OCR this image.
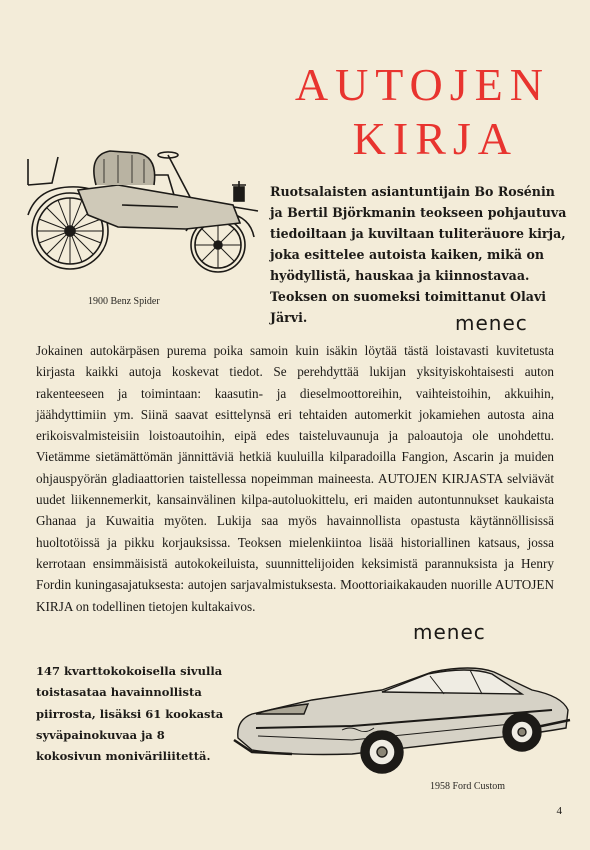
AUTOJEN
KIRJA
1900 Benz Spider

Ruotsalaisten asiantuntijain Bo Rosénin ja Bertil Björkmanin teokseen pohjautuva tiedoiltaan ja kuviltaan tuliteräuore kirja, joka esittelee autoista kaiken, mikä on hyödyllistä, hauskaa ja kiinnostavaa. Teoksen on suomeksi toimittanut Olavi Järvi.	menec

Jokainen autokärpäsen purema poika samoin kuin isäkin löytää tästä loistavasti kuvitetusta kirjasta kaikki autoja koskevat tiedot. Se perehdyttää lukijan yksityiskohtaisesti auton rakenteeseen ja toimintaan: kaasutin- ja dieselmoottoreihin, vaihteistoihin, akkuihin, jäähdyttimiin ym. Siinä saavat esittelynsä eri tehtaiden automerkit jokamiehen autosta aina erikoisvalmisteisiin loistoautoihin, eipä edes taisteluvaunuja ja paloautoja ole unohdettu. Vietämme sietämättömän jännittäviä hetkiä kuuluilla kilparadoilla Fangion, Ascarin ja muiden ohjauspyörän gladiaattorien taistellessa nopeimman maineesta. AUTOJEN KIRJASTA selviävät uudet liikennemerkit, kansainvälinen kilpa-autoluokittelu, eri maiden autontunnukset kaukaista Ghanaa ja Kuwaitia myöten. Lukija saa myös havainnollista opastusta käytännöllisissä huoltotöissä ja pikku korjauksissa. Teoksen mielenkiintoa lisää historiallinen katsaus, jossa kerrotaan ensimmäisistä autokokeiluista, suunnittelijoiden keksimistä parannuksista ja Henry Fordin kuningasajatuksesta: autojen sarjavalmistuksesta. Moottoriaikakauden nuorille AUTOJEN KIRJA on todellinen tietojen kultakaivos.

menec

147 kvarttokokoisella sivulla toistasataa havainnollista piirrosta, lisäksi 61 kookasta syväpainokuvaa ja 8 kokosivun moniväriliitettä.

1958 Ford Custom
4
